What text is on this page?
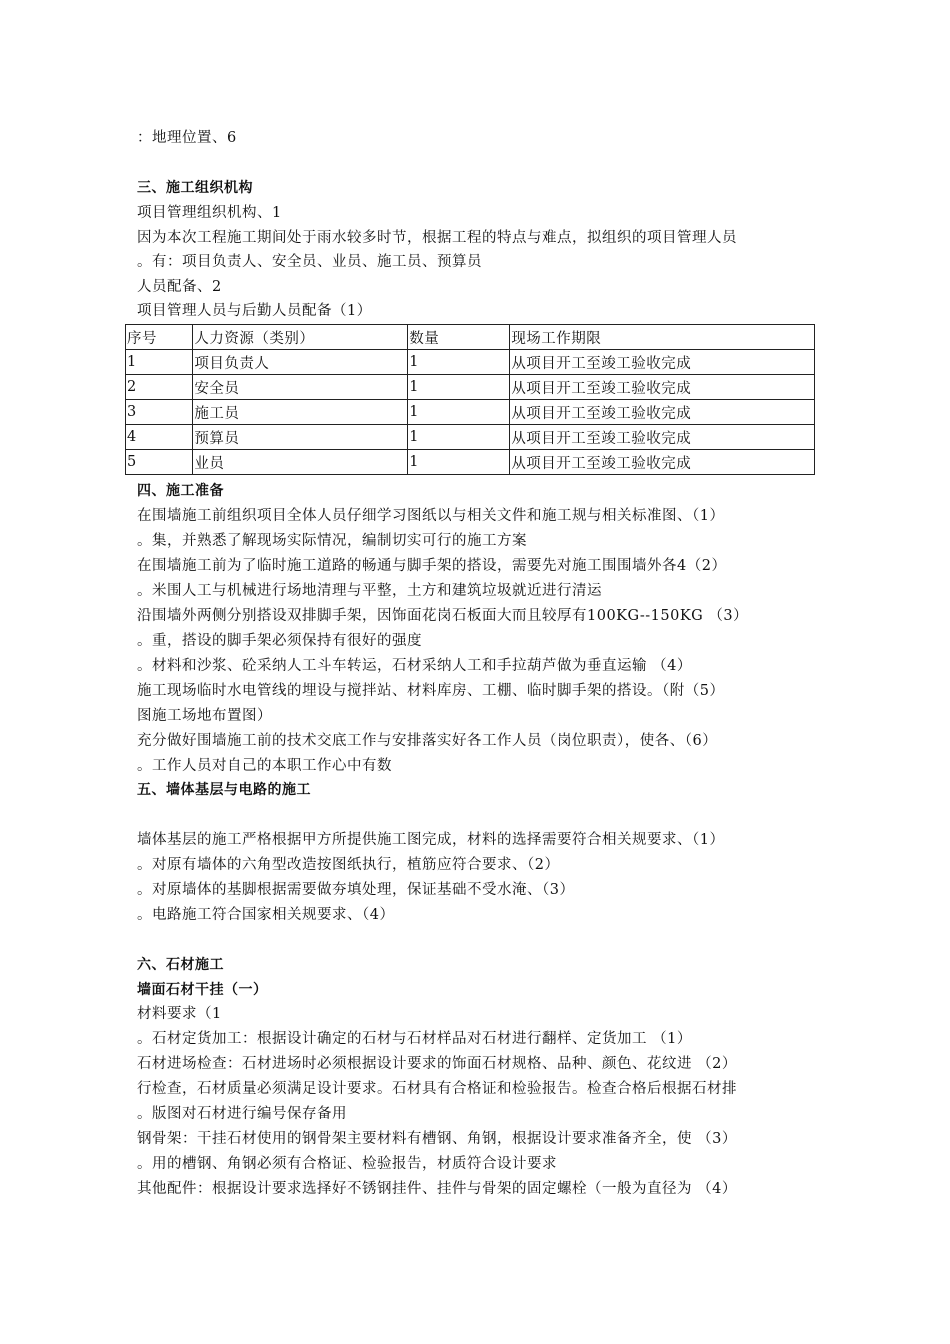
：地理位置、6
三、施工组织机构
项目管理组织机构、1
因为本次工程施工期间处于雨水较多时节，根据工程的特点与难点，拟组织的项目管理人员
。有：项目负责人、安全员、业员、施工员、预算员
人员配备、2
项目管理人员与后勤人员配备（1）
序号	人力资源（类别）	数量	现场工作期限
1	项目负责人	1	从项目开工至竣工验收完成
2	安全员	1	从项目开工至竣工验收完成
3	施工员	1	从项目开工至竣工验收完成
4	预算员	1	从项目开工至竣工验收完成
5	业员	1	从项目开工至竣工验收完成
四、施工准备
在围墙施工前组织项目全体人员仔细学习图纸以与相关文件和施工规与相关标准图、（1）
。集，并熟悉了解现场实际情况，编制切实可行的施工方案
在围墙施工前为了临时施工道路的畅通与脚手架的搭设，需要先对施工围围墙外各4（2）
。米围人工与机械进行场地清理与平整，土方和建筑垃圾就近进行清运
沿围墙外两侧分别搭设双排脚手架，因饰面花岗石板面大而且较厚有100KG--150KG （3）
。重，搭设的脚手架必须保持有很好的强度
。材料和沙浆、砼采纳人工斗车转运，石材采纳人工和手拉葫芦做为垂直运输 （4）
施工现场临时水电管线的埋设与搅拌站、材料库房、工棚、临时脚手架的搭设。（附（5）
图施工场地布置图）
充分做好围墙施工前的技术交底工作与安排落实好各工作人员（岗位职责），使各、（6）
。工作人员对自己的本职工作心中有数
五、墙体基层与电路的施工
墙体基层的施工严格根据甲方所提供施工图完成，材料的选择需要符合相关规要求、（1）
。对原有墙体的六角型改造按图纸执行，植筋应符合要求、（2）
。对原墙体的基脚根据需要做夯填处理，保证基础不受水淹、（3）
。电路施工符合国家相关规要求、（4）
六、石材施工
墙面石材干挂（一）
材料要求（1
。石材定货加工：根据设计确定的石材与石材样品对石材进行翻样、定货加工 （1）
石材进场检查：石材进场时必须根据设计要求的饰面石材规格、品种、颜色、花纹进 （2）
行检查，石材质量必须满足设计要求。石材具有合格证和检验报告。检查合格后根据石材排
。版图对石材进行编号保存备用
钢骨架：干挂石材使用的钢骨架主要材料有槽钢、角钢，根据设计要求准备齐全，使 （3）
。用的槽钢、角钢必须有合格证、检验报告，材质符合设计要求
其他配件：根据设计要求选择好不锈钢挂件、挂件与骨架的固定螺栓（一般为直径为 （4）
